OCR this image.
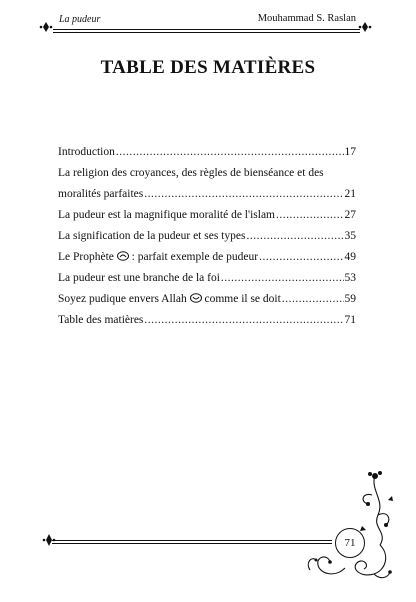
La pudeur	Mouhammad S. Raslan
TABLE DES MATIÈRES
Introduction .....	17
La religion des croyances, des règles de bienséance et des
moralités parfaites .....	21
La pudeur est la magnifique moralité de l'islam .....	27
La signification de la pudeur et ses types .....	35
Le Prophète : parfait exemple de pudeur .....	49
La pudeur est une branche de la foi .....	53
Soyez pudique envers Allah comme il se doit .....	59
Table des matières .....	71
71
